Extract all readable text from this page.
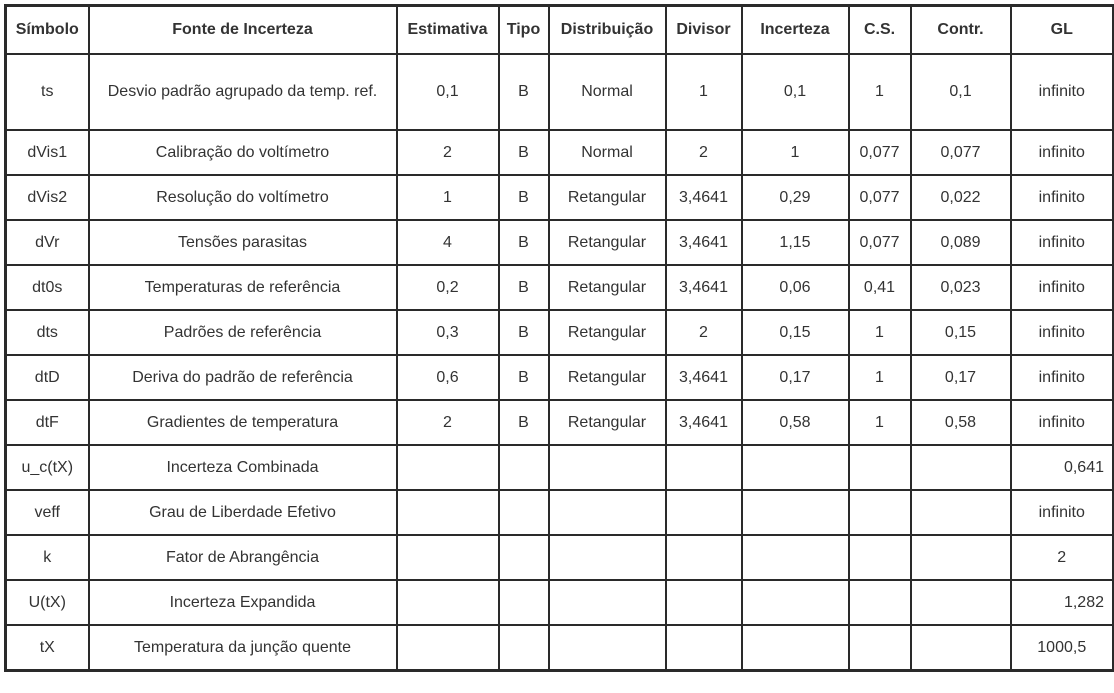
Símbolo	Fonte de Incerteza	Estimativa	Tipo	Distribuição	Divisor	Incerteza	C.S.	Contr.	GL
ts	Desvio padrão agrupado da temp. ref.	0,1	B	Normal	1	0,1	1	0,1	infinito
dVis1	Calibração do voltímetro	2	B	Normal	2	1	0,077	0,077	infinito
dVis2	Resolução do voltímetro	1	B	Retangular	3,4641	0,29	0,077	0,022	infinito
dVr	Tensões parasitas	4	B	Retangular	3,4641	1,15	0,077	0,089	infinito
dt0s	Temperaturas de referência	0,2	B	Retangular	3,4641	0,06	0,41	0,023	infinito
dts	Padrões de referência	0,3	B	Retangular	2	0,15	1	0,15	infinito
dtD	Deriva do padrão de referência	0,6	B	Retangular	3,4641	0,17	1	0,17	infinito
dtF	Gradientes de temperatura	2	B	Retangular	3,4641	0,58	1	0,58	infinito
u_c(tX)	Incerteza Combinada								0,641
veff	Grau de Liberdade Efetivo								infinito
k	Fator de Abrangência								2
U(tX)	Incerteza Expandida								1,282
tX	Temperatura da junção quente								1000,5
